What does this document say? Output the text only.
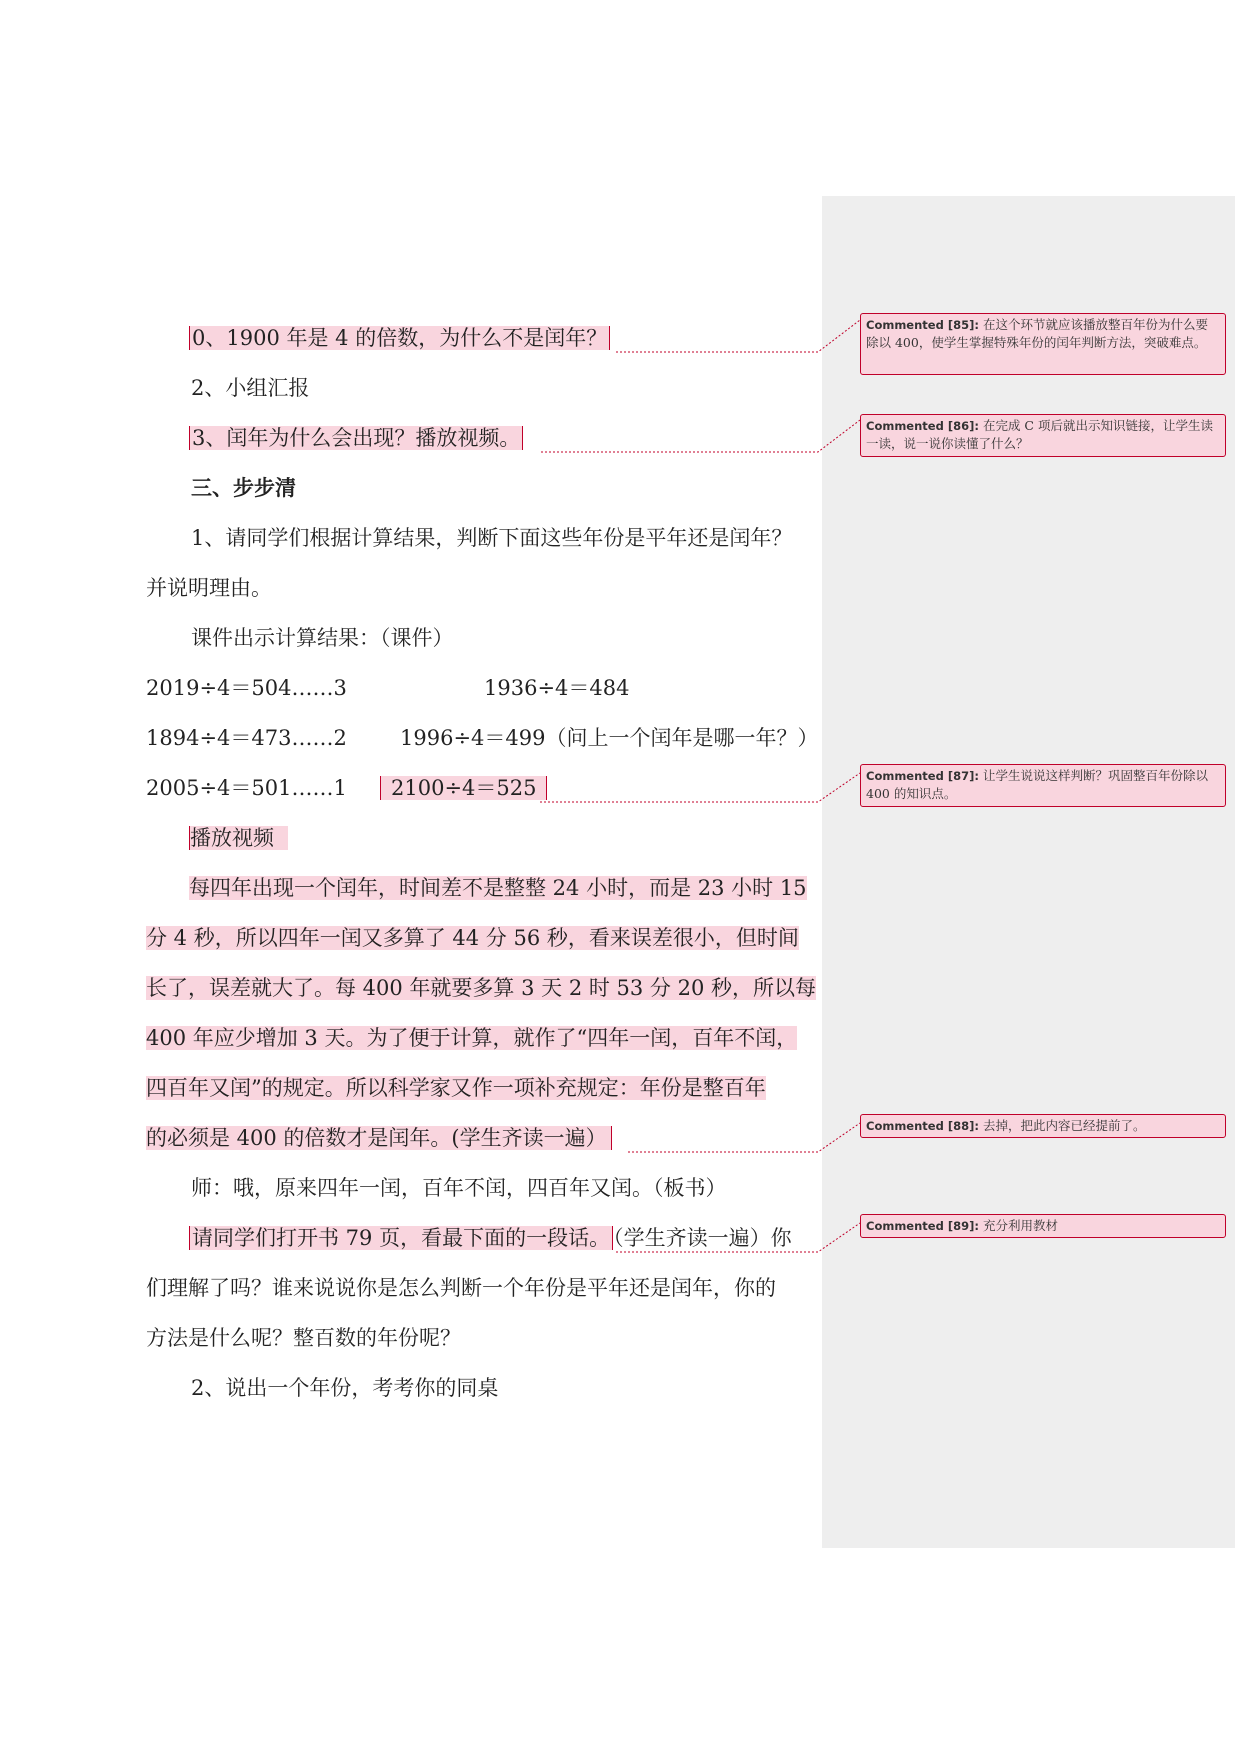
0、1900 年是 4 的倍数，为什么不是闰年？
2、小组汇报
3、闰年为什么会出现？播放视频。
三、步步清
1、请同学们根据计算结果，判断下面这些年份是平年还是闰年？
并说明理由。
课件出示计算结果：（课件）
2019÷4＝504……3	1936÷4＝484
1894÷4＝473……2	1996÷4＝499（问上一个闰年是哪一年？）
2005÷4＝501……1	2100÷4＝525
播放视频
每四年出现一个闰年，时间差不是整整 24 小时，而是 23 小时 15
分 4 秒，所以四年一闰又多算了 44 分 56 秒，看来误差很小，但时间
长了，误差就大了。每 400 年就要多算 3 天 2 时 53 分 20 秒，所以每
400 年应少增加 3 天。为了便于计算，就作了“四年一闰，百年不闰，
四百年又闰”的规定。所以科学家又作一项补充规定：年份是整百年
的必须是 400 的倍数才是闰年。(学生齐读一遍）
师：哦，原来四年一闰，百年不闰，四百年又闰。（板书）
请同学们打开书 79 页，看最下面的一段话。 （学生齐读一遍）你
们理解了吗？谁来说说你是怎么判断一个年份是平年还是闰年，你的
方法是什么呢？整百数的年份呢？
2、说出一个年份，考考你的同桌
Commented [85]: 在这个环节就应该播放整百年份为什么要除以 400，使学生掌握特殊年份的闰年判断方法，突破难点。
Commented [86]: 在完成 C 项后就出示知识链接，让学生读一读，说一说你读懂了什么？
Commented [87]: 让学生说说这样判断？巩固整百年份除以 400 的知识点。
Commented [88]: 去掉，把此内容已经提前了。
Commented [89]: 充分利用教材
